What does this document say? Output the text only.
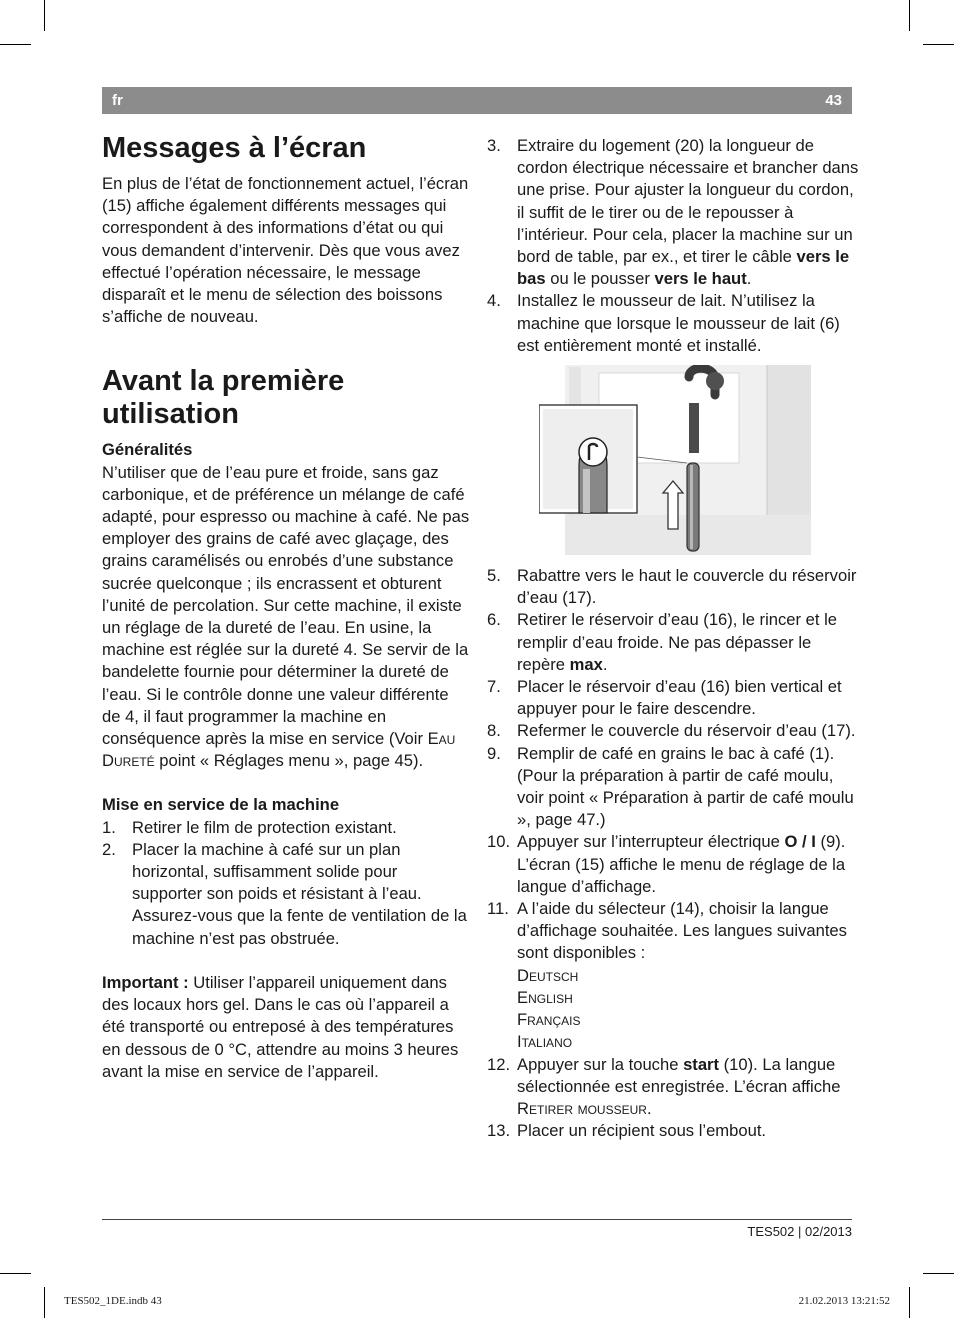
fr	43
Messages à l’écran

En plus de l’état de fonctionnement actuel, l’écran (15) affiche également différents messages qui correspondent à des informations d’état ou qui vous demandent d’intervenir. Dès que vous avez effectué l’opération nécessaire, le message disparaît et le menu de sélection des boissons s’affiche de nouveau.

Avant la première utilisation
Généralités

N’utiliser que de l’eau pure et froide, sans gaz carbonique, et de préférence un mélange de café adapté, pour espresso ou machine à café. Ne pas employer des grains de café avec glaçage, des grains caramélisés ou enrobés d’une substance sucrée quelconque ; ils encrassent et obturent l’unité de percolation. Sur cette machine, il existe un réglage de la dureté de l’eau. En usine, la machine est réglée sur la dureté 4. Se servir de la bandelette fournie pour déterminer la dureté de l’eau. Si le contrôle donne une valeur différente de 4, il faut programmer la machine en conséquence après la mise en service (Voir Eau Dureté point « Réglages menu », page 45).

Mise en service de la machine
1. Retirer le film de protection existant.
2. Placer la machine à café sur un plan horizontal, suffisamment solide pour supporter son poids et résistant à l’eau. Assurez-vous que la fente de ventilation de la machine n’est pas obstruée.

Important : Utiliser l’appareil uniquement dans des locaux hors gel. Dans le cas où l’appareil a été transporté ou entreposé à des températures en dessous de 0 °C, attendre au moins 3 heures avant la mise en service de l’appareil.

3. Extraire du logement (20) la longueur de cordon électrique nécessaire et brancher dans une prise. Pour ajuster la longueur du cordon, il suffit de le tirer ou de le repousser à l’intérieur. Pour cela, placer la machine sur un bord de table, par ex., et tirer le câble vers le bas ou le pousser vers le haut.
4. Installez le mousseur de lait. N’utilisez la machine que lorsque le mousseur de lait (6) est entièrement monté et installé.
5. Rabattre vers le haut le couvercle du réservoir d’eau (17).
6. Retirer le réservoir d’eau (16), le rincer et le remplir d’eau froide. Ne pas dépasser le repère max.
7. Placer le réservoir d’eau (16) bien vertical et appuyer pour le faire descendre.
8. Refermer le couvercle du réservoir d’eau (17).
9. Remplir de café en grains le bac à café (1). (Pour la préparation à partir de café moulu, voir point « Préparation à partir de café moulu », page 47.)
10. Appuyer sur l’interrupteur électrique O / I (9). L’écran (15) affiche le menu de réglage de la langue d’affichage.
11. A l’aide du sélecteur (14), choisir la langue d’affichage souhaitée. Les langues suivantes sont disponibles :
Deutsch
English
Français
Italiano
12. Appuyer sur la touche start (10). La langue sélectionnée est enregistrée. L’écran affiche Retirer mousseur.
13. Placer un récipient sous l’embout.
TES502 | 02/2013
TES502_1DE.indb 43	21.02.2013 13:21:52
